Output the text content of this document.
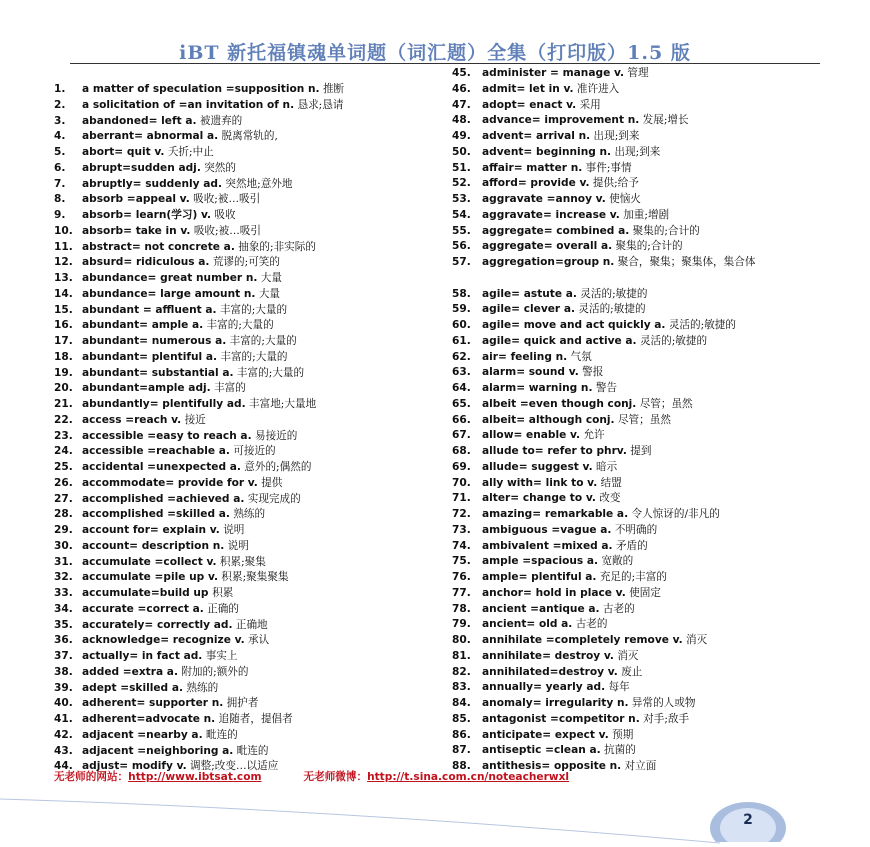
iBT 新托福镇魂单词题（词汇题）全集（打印版）1.5 版
1.	a matter of speculation =supposition n. 推断
2.	a solicitation of =an invitation of n. 恳求;恳请
3.	abandoned= left a. 被遗弃的
4.	aberrant= abnormal a. 脱离常轨的,
5.	abort= quit v. 夭折;中止
6.	abrupt=sudden adj. 突然的
7.	abruptly= suddenly ad. 突然地;意外地
8.	absorb =appeal v. 吸收;被…吸引
9.	absorb= learn(学习) v. 吸收
10. absorb= take in v. 吸收;被…吸引
11. abstract= not concrete a. 抽象的;非实际的
12. absurd= ridiculous a. 荒谬的;可笑的
13. abundance= great number n. 大量
14. abundance= large amount n. 大量
15. abundant = affluent a. 丰富的;大量的
16. abundant= ample a. 丰富的;大量的
17. abundant= numerous a. 丰富的;大量的
18. abundant= plentiful a. 丰富的;大量的
19. abundant= substantial a. 丰富的;大量的
20. abundant=ample adj. 丰富的
21. abundantly= plentifully ad. 丰富地;大量地
22. access =reach v. 接近
23. accessible =easy to reach a. 易接近的
24. accessible =reachable a. 可接近的
25. accidental =unexpected a. 意外的;偶然的
26. accommodate= provide for v. 提供
27. accomplished =achieved a. 实现完成的
28. accomplished =skilled a. 熟练的
29. account for= explain v. 说明
30. account= description n. 说明
31. accumulate =collect v. 积累;聚集
32. accumulate =pile up v. 积累;聚集聚集
33. accumulate=build up 积累
34. accurate =correct a. 正确的
35. accurately= correctly ad. 正确地
36. acknowledge= recognize v. 承认
37. actually= in fact ad. 事实上
38. added =extra a. 附加的;额外的
39. adept =skilled a. 熟练的
40. adherent= supporter n. 拥护者
41. adherent=advocate n. 追随者，提倡者
42. adjacent =nearby a. 毗连的
43. adjacent =neighboring a. 毗连的
44. adjust= modify v. 调整;改变…以适应
45.	administer = manage v. 管理
46.	admit= let in v. 准许进入
47.	adopt= enact v. 采用
48.	advance= improvement n. 发展;增长
49.	advent= arrival n. 出现;到来
50.	advent= beginning n. 出现;到来
51.	affair= matter n. 事件;事情
52.	afford= provide v. 提供;给予
53.	aggravate =annoy v. 使恼火
54.	aggravate= increase v. 加重;增剧
55.	aggregate= combined a. 聚集的;合计的
56.	aggregate= overall a. 聚集的;合计的
57.	aggregation=group n. 聚合，聚集；聚集体，集合体
58.	agile= astute a. 灵活的;敏捷的
59.	agile= clever a. 灵活的;敏捷的
60.	agile= move and act quickly a. 灵活的;敏捷的
61.	agile= quick and active a. 灵活的;敏捷的
62.	air= feeling n. 气氛
63.	alarm= sound v. 警报
64.	alarm= warning n. 警告
65.	albeit =even though conj. 尽管；虽然
66.	albeit= although conj. 尽管；虽然
67.	allow= enable v. 允许
68.	allude to= refer to phrv. 提到
69.	allude= suggest v. 暗示
70.	ally with= link to v. 结盟
71.	alter= change to v. 改变
72.	amazing= remarkable a. 令人惊讶的/非凡的
73.	ambiguous =vague a. 不明确的
74.	ambivalent =mixed a. 矛盾的
75.	ample =spacious a. 宽敞的
76.	ample= plentiful a. 充足的;丰富的
77.	anchor= hold in place v. 使固定
78.	ancient =antique a. 古老的
79.	ancient= old a. 古老的
80.	annihilate =completely remove v. 消灭
81.	annihilate= destroy v. 消灭
82.	annihilated=destroy v. 废止
83.	annually= yearly ad. 每年
84.	anomaly= irregularity n. 异常的人或物
85.	antagonist =competitor n. 对手;敌手
86.	anticipate= expect v. 预期
87.	antiseptic =clean a. 抗菌的
88.	antithesis= opposite n. 对立面
无老师的网站：http://www.ibtsat.com	无老师微博：http://t.sina.com.cn/noteacherwxl
2
